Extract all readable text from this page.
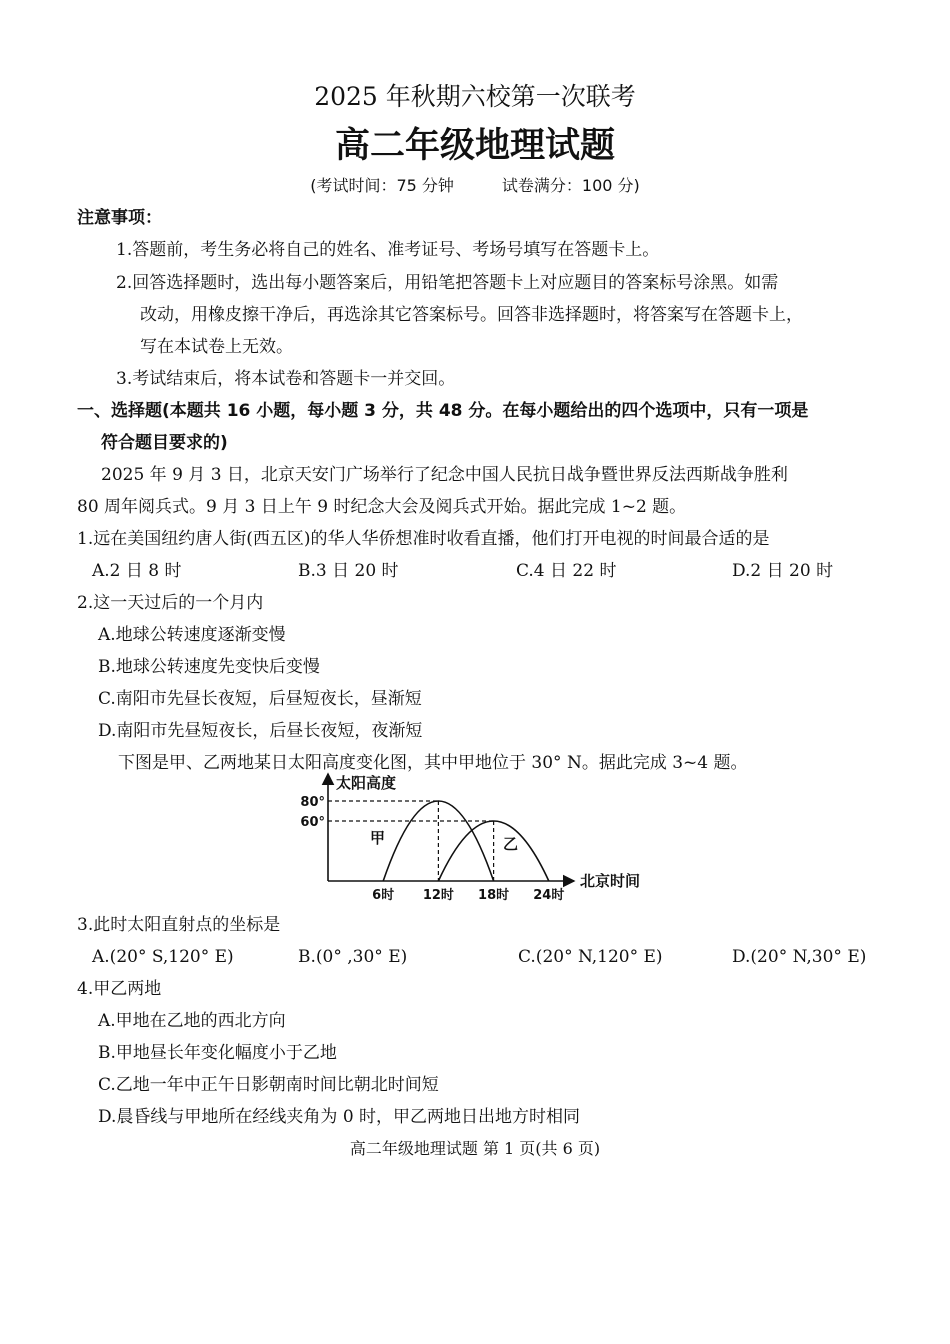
2025 年秋期六校第一次联考
高二年级地理试题
(考试时间：75 分钟　　　试卷满分：100 分)
注意事项：
1.答题前，考生务必将自己的姓名、准考证号、考场号填写在答题卡上。
2.回答选择题时，选出每小题答案后，用铅笔把答题卡上对应题目的答案标号涂黑。如需
改动，用橡皮擦干净后，再选涂其它答案标号。回答非选择题时，将答案写在答题卡上，
写在本试卷上无效。
3.考试结束后，将本试卷和答题卡一并交回。
一、选择题(本题共 16 小题，每小题 3 分，共 48 分。在每小题给出的四个选项中，只有一项是
符合题目要求的)
2025 年 9 月 3 日，北京天安门广场举行了纪念中国人民抗日战争暨世界反法西斯战争胜利
80 周年阅兵式。9 月 3 日上午 9 时纪念大会及阅兵式开始。据此完成 1~2 题。
1.远在美国纽约唐人街(西五区)的华人华侨想准时收看直播，他们打开电视的时间最合适的是
A.2 日 8 时	B.3 日 20 时	C.4 日 22 时	D.2 日 20 时
2.这一天过后的一个月内
A.地球公转速度逐渐变慢
B.地球公转速度先变快后变慢
C.南阳市先昼长夜短，后昼短夜长，昼渐短
D.南阳市先昼短夜长，后昼长夜短，夜渐短
下图是甲、乙两地某日太阳高度变化图，其中甲地位于 30° N。据此完成 3~4 题。
太阳高度
北京时间
80°
60°
6时 12时 18时 24时
甲	乙
3.此时太阳直射点的坐标是
A.(20° S,120° E)	B.(0° ,30° E)	C.(20° N,120° E)	D.(20° N,30° E)
4.甲乙两地
A.甲地在乙地的西北方向
B.甲地昼长年变化幅度小于乙地
C.乙地一年中正午日影朝南时间比朝北时间短
D.晨昏线与甲地所在经线夹角为 0 时，甲乙两地日出地方时相同
高二年级地理试题 第 1 页(共 6 页)
